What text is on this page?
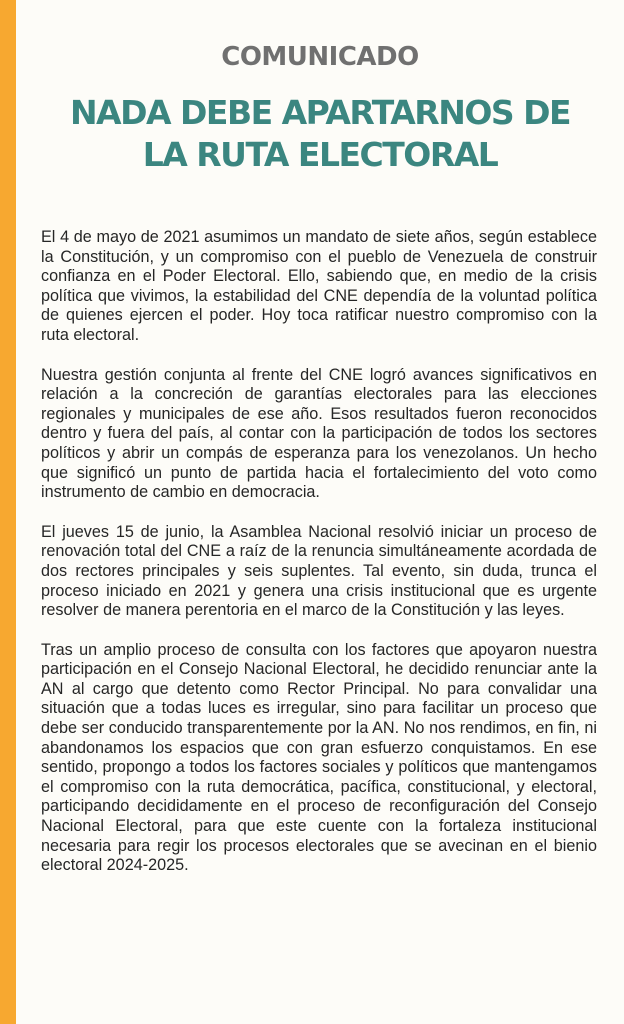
COMUNICADO
NADA DEBE APARTARNOS DE LA RUTA ELECTORAL

El 4 de mayo de 2021 asumimos un mandato de siete años, según establece la Constitución, y un compromiso con el pueblo de Venezuela de construir confianza en el Poder Electoral. Ello, sabiendo que, en medio de la crisis política que vivimos, la estabilidad del CNE dependía de la voluntad política de quienes ejercen el poder. Hoy toca ratificar nuestro compromiso con la ruta electoral.

Nuestra gestión conjunta al frente del CNE logró avances significativos en relación a la concreción de garantías electorales para las elecciones regionales y municipales de ese año. Esos resultados fueron reconocidos dentro y fuera del país, al contar con la participación de todos los sectores políticos y abrir un compás de esperanza para los venezolanos. Un hecho que significó un punto de partida hacia el fortalecimiento del voto como instrumento de cambio en democracia.

El jueves 15 de junio, la Asamblea Nacional resolvió iniciar un proceso de renovación total del CNE a raíz de la renuncia simultáneamente acordada de dos rectores principales y seis suplentes. Tal evento, sin duda, trunca el proceso iniciado en 2021 y genera una crisis institucional que es urgente resolver de manera perentoria en el marco de la Constitución y las leyes.

Tras un amplio proceso de consulta con los factores que apoyaron nuestra participación en el Consejo Nacional Electoral, he decidido renunciar ante la AN al cargo que detento como Rector Principal. No para convalidar una situación que a todas luces es irregular, sino para facilitar un proceso que debe ser conducido transparentemente por la AN. No nos rendimos, en fin, ni abandonamos los espacios que con gran esfuerzo conquistamos. En ese sentido, propongo a todos los factores sociales y políticos que mantengamos el compromiso con la ruta democrática, pacífica, constitucional, y electoral, participando decididamente en el proceso de reconfiguración del Consejo Nacional Electoral, para que este cuente con la fortaleza institucional necesaria para regir los procesos electorales que se avecinan en el bienio electoral 2024-2025.
